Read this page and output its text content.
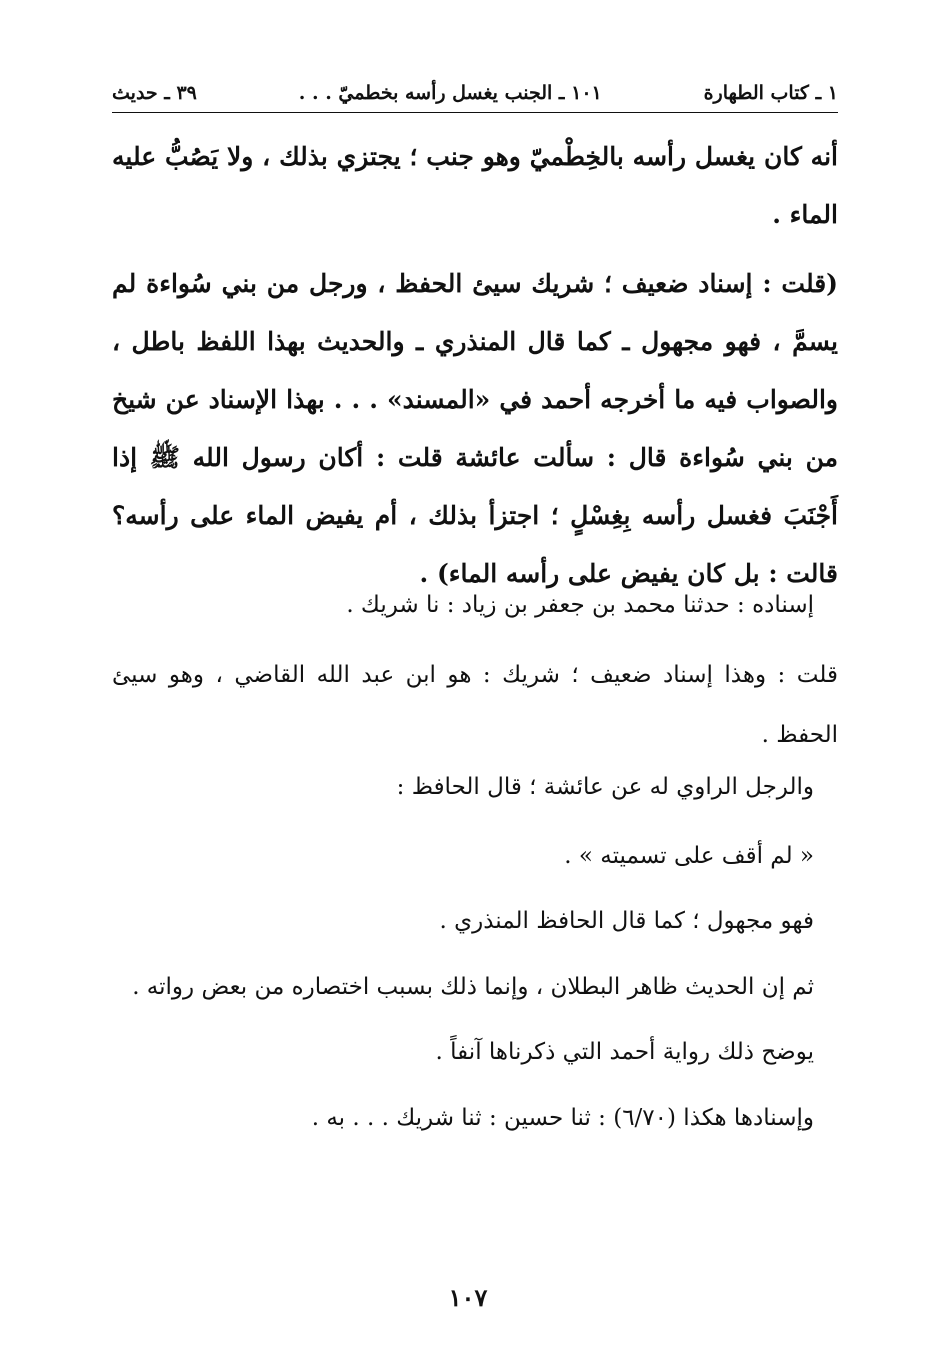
١ ـ كتاب الطهارة
١٠١ ـ الجنب يغسل رأسه بخطميّ . . .
٣٩ ـ حديث
أنه كان يغسل رأسه بالخِطْميّ وهو جنب ؛ يجتزي بذلك ، ولا يَصُبُّ عليه الماء .
(قلت : إسناد ضعيف ؛ شريك سيئ الحفظ ، ورجل من بني سُواءة لم يسمَّ ، فهو مجهول ـ كما قال المنذري ـ والحديث بهذا اللفظ باطل ، والصواب فيه ما أخرجه أحمد في «المسند» . . . بهذا الإسناد عن شيخ من بني سُواءة قال : سألت عائشة قلت : أكان رسول الله ﷺ إذا أَجْنَبَ فغسل رأسه بِغِسْلٍ ؛ اجتزأ بذلك ، أم يفيض الماء على رأسه؟ قالت : بل كان يفيض على رأسه الماء) .
إسناده : حدثنا محمد بن جعفر بن زياد : نا شريك .
قلت : وهذا إسناد ضعيف ؛ شريك : هو ابن عبد الله القاضي ، وهو سيئ الحفظ .
والرجل الراوي له عن عائشة ؛ قال الحافظ :
« لم أقف على تسميته » .
فهو مجهول ؛ كما قال الحافظ المنذري .
ثم إن الحديث ظاهر البطلان ، وإنما ذلك بسبب اختصاره من بعض رواته .
يوضح ذلك رواية أحمد التي ذكرناها آنفاً .
وإسنادها هكذا (٦/٧٠) : ثنا حسين : ثنا شريك . . . به .
١٠٧
